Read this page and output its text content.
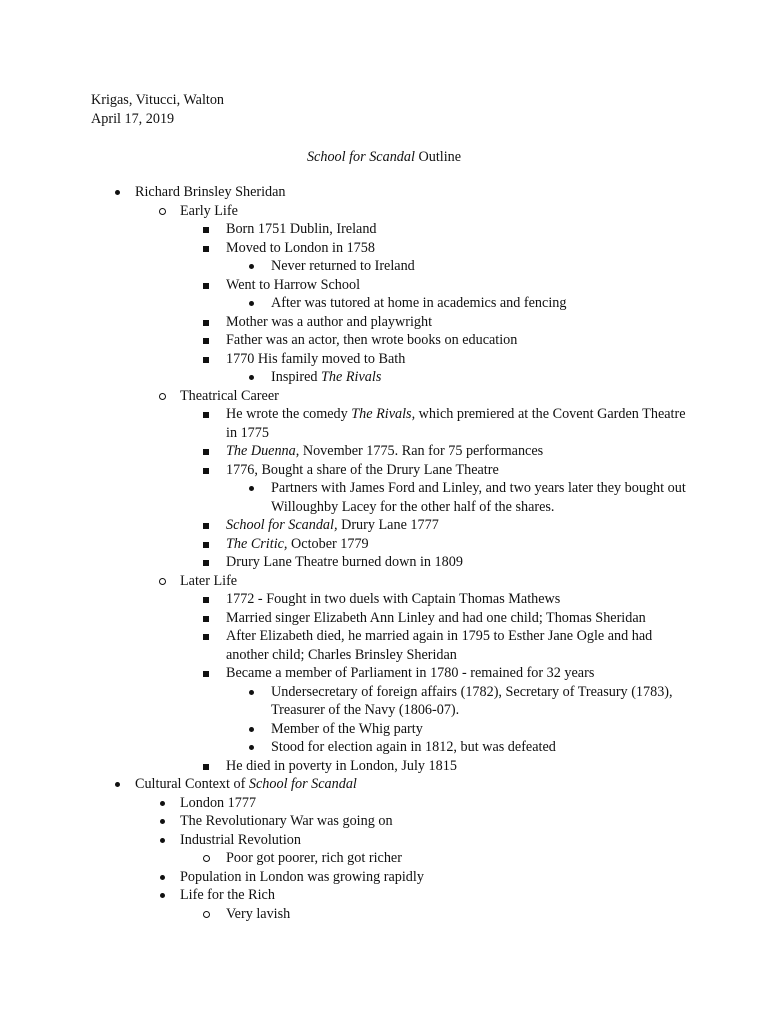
Krigas, Vitucci, Walton
April 17, 2019
School for Scandal Outline
Richard Brinsley Sheridan
Early Life
Born 1751 Dublin, Ireland
Moved to London in 1758
Never returned to Ireland
Went to Harrow School
After was tutored at home in academics and fencing
Mother was a author and playwright
Father was an actor, then wrote books on education
1770 His family moved to Bath
Inspired The Rivals
Theatrical Career
He wrote the comedy The Rivals, which premiered at the Covent Garden Theatre
in 1775
The Duenna, November 1775. Ran for 75 performances
1776, Bought a share of the Drury Lane Theatre
Partners with James Ford and Linley, and two years later they bought out
Willoughby Lacey for the other half of the shares.
School for Scandal, Drury Lane 1777
The Critic, October 1779
Drury Lane Theatre burned down in 1809
Later Life
1772 - Fought in two duels with Captain Thomas Mathews
Married singer Elizabeth Ann Linley and had one child; Thomas Sheridan
After Elizabeth died, he married again in 1795 to Esther Jane Ogle and had
another child; Charles Brinsley Sheridan
Became a member of Parliament in 1780 - remained for 32 years
Undersecretary of foreign affairs (1782), Secretary of Treasury (1783),
Treasurer of the Navy (1806-07).
Member of the Whig party
Stood for election again in 1812, but was defeated
He died in poverty in London, July 1815
Cultural Context of School for Scandal
London 1777
The Revolutionary War was going on
Industrial Revolution
Poor got poorer, rich got richer
Population in London was growing rapidly
Life for the Rich
Very lavish
